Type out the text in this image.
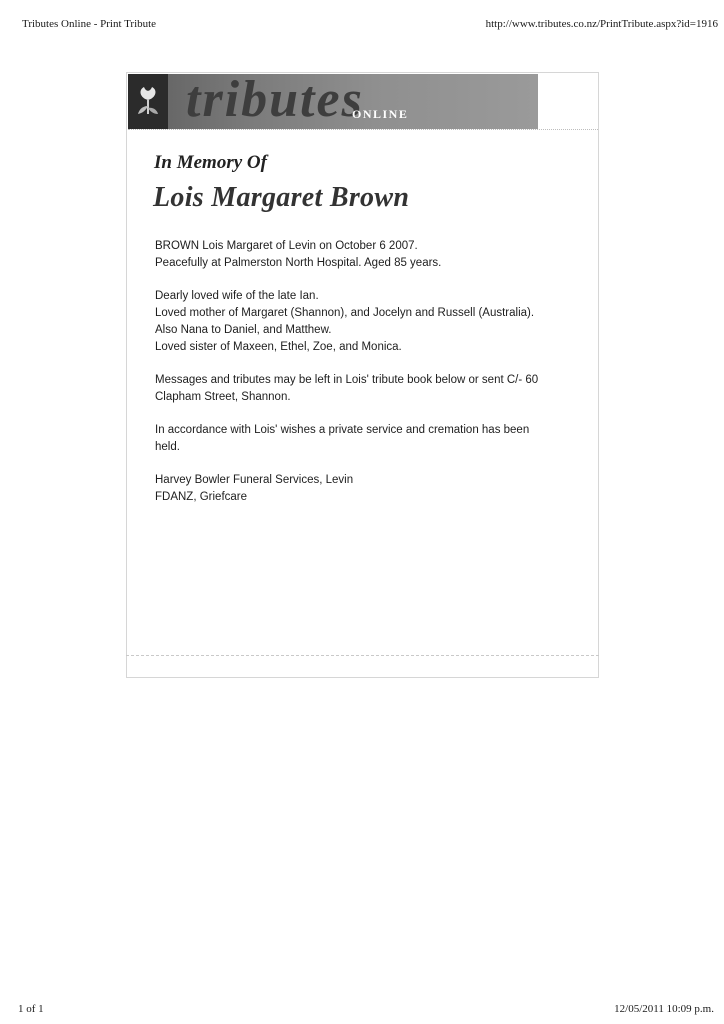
Tributes Online - Print Tribute	http://www.tributes.co.nz/PrintTribute.aspx?id=1916
tributes
ONLINE
In Memory Of
Lois Margaret Brown

BROWN Lois Margaret of Levin on October 6 2007.
Peacefully at Palmerston North Hospital. Aged 85 years.

Dearly loved wife of the late Ian.
Loved mother of Margaret (Shannon), and Jocelyn and Russell (Australia).
Also Nana to Daniel, and Matthew.
Loved sister of Maxeen, Ethel, Zoe, and Monica.

Messages and tributes may be left in Lois' tribute book below or sent C/- 60
Clapham Street, Shannon.

In accordance with Lois' wishes a private service and cremation has been
held.

Harvey Bowler Funeral Services, Levin
FDANZ, Griefcare

1 of 1	12/05/2011 10:09 p.m.
